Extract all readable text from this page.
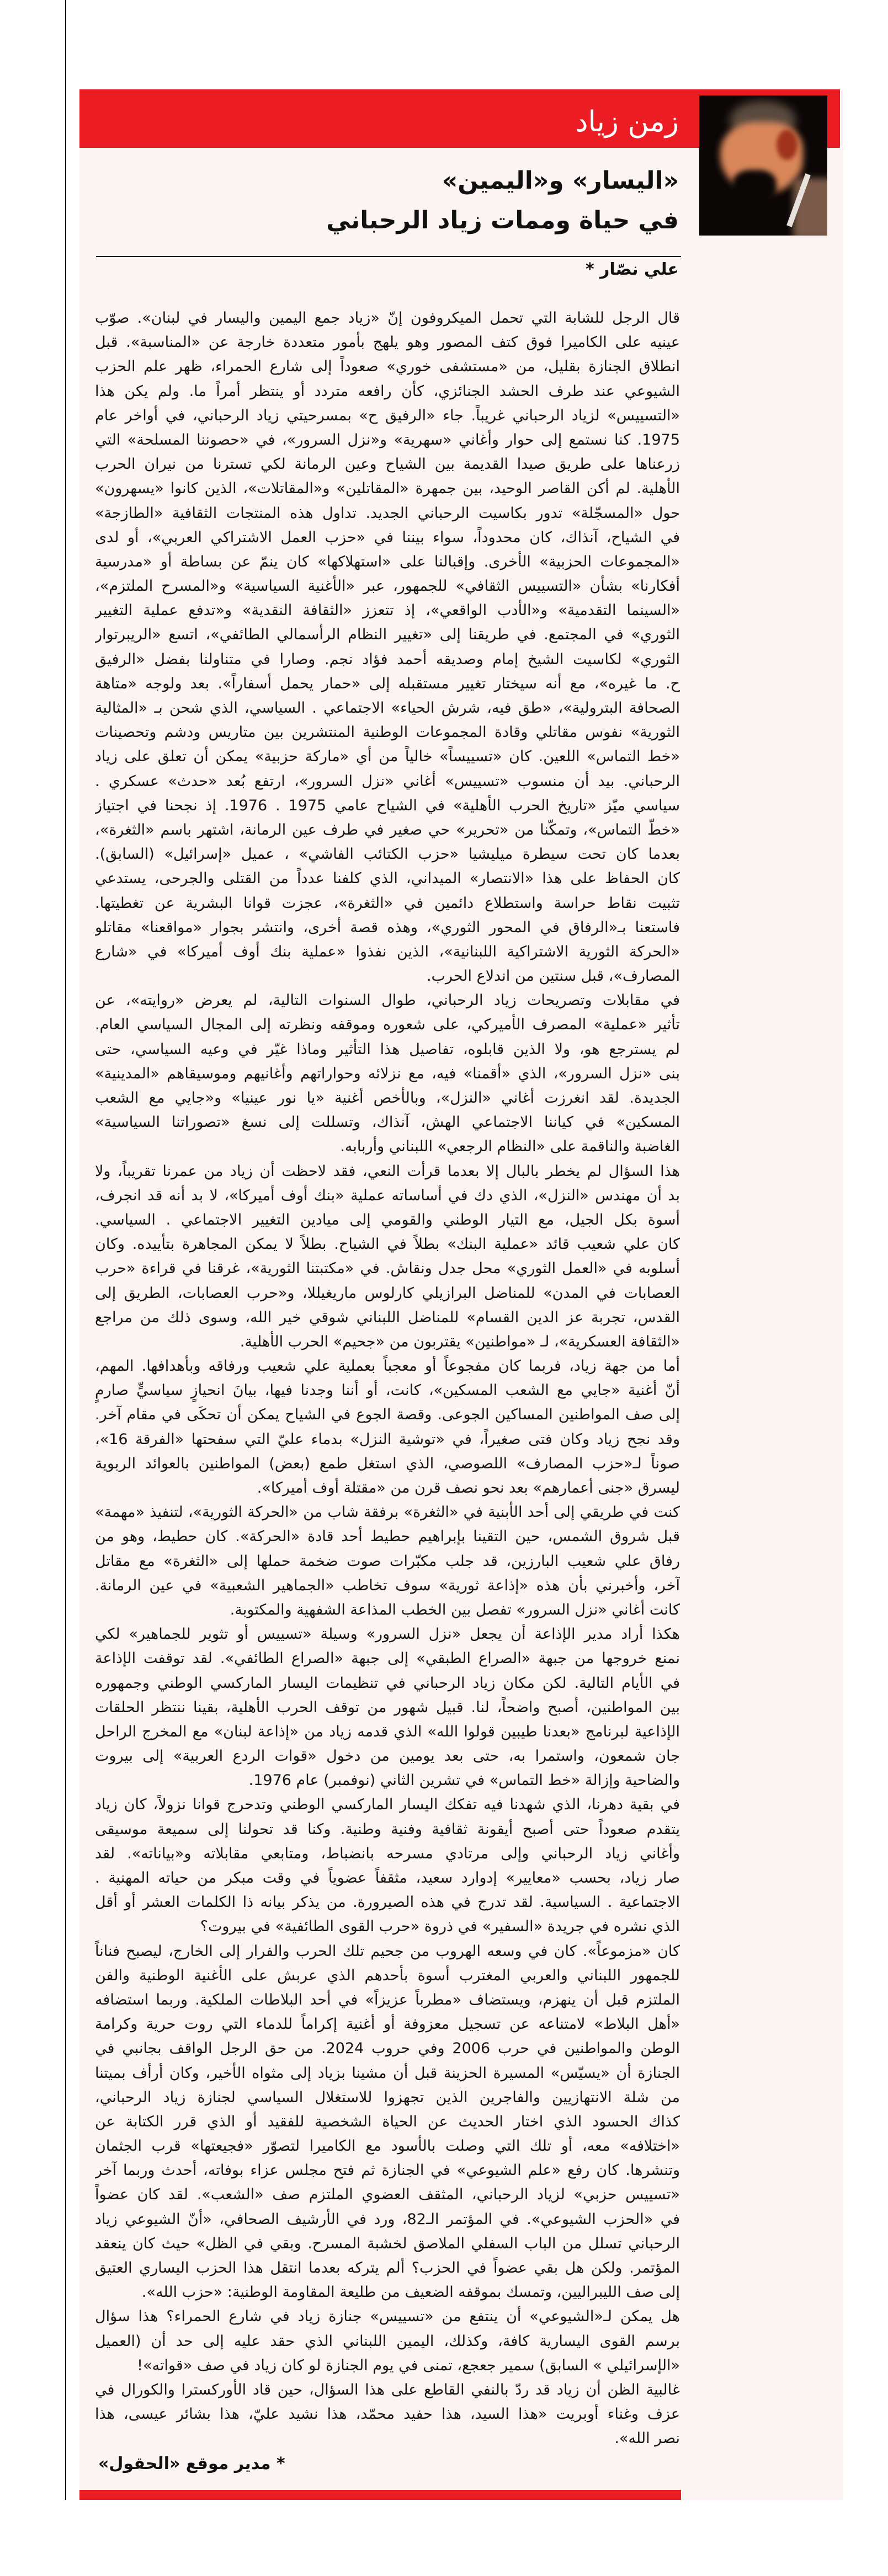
زمن زياد
«اليسار» و«اليمين»
في حياة وممات زياد الرحباني
علي نصّار *
قال الرجل للشابة التي تحمل الميكروفون إنّ «زياد جمع اليمين واليسار في لبنان». صوّب
عينيه على الكاميرا فوق كتف المصور وهو يلهج بأمور متعددة خارجة عن «المناسبة». قبل
انطلاق الجنازة بقليل، من «مستشفى خوري» صعوداً إلى شارع الحمراء، ظهر علم الحزب
الشيوعي عند طرف الحشد الجنائزي، كأن رافعه متردد أو ينتظر أمراً ما. ولم يكن هذا
«التسييس» لزياد الرحباني غريباً. جاء «الرفيق ح» بمسرحيتي زياد الرحباني، في أواخر عام
1975. كنا نستمع إلى حوار وأغاني «سهرية» و«نزل السرور»، في «حصوننا المسلحة» التي
زرعناها على طريق صيدا القديمة بين الشياح وعين الرمانة لكي تسترنا من نيران الحرب
الأهلية. لم أكن القاصر الوحيد، بين جمهرة «المقاتلين» و«المقاتلات»، الذين كانوا «يسهرون»
حول «المسجّلة» تدور بكاسيت الرحباني الجديد. تداول هذه المنتجات الثقافية «الطازجة»
في الشياح، آنذاك، كان محدوداً، سواء بيننا في «حزب العمل الاشتراكي العربي»، أو لدى
«المجموعات الحزبية» الأخرى. وإقبالنا على «استهلاكها» كان ينمّ عن بساطة أو «مدرسية
أفكارنا» بشأن «التسييس الثقافي» للجمهور، عبر «الأغنية السياسية» و«المسرح الملتزم»،
«السينما التقدمية» و«الأدب الواقعي»، إذ تتعزز «الثقافة النقدية» و«تدفع عملية التغيير
الثوري» في المجتمع. في طريقنا إلى «تغيير النظام الرأسمالي الطائفي»، اتسع «الريبرتوار
الثوري» لكاسيت الشيخ إمام وصديقه أحمد فؤاد نجم. وصارا في متناولنا بفضل «الرفيق
ح. ما غيره»، مع أنه سيختار تغيير مستقبله إلى «حمار يحمل أسفاراً». بعد ولوجه «متاهة
الصحافة البترولية»، «طق فيه، شرش الحياء» الاجتماعي . السياسي، الذي شحن بـ «المثالية
الثورية» نفوس مقاتلي وقادة المجموعات الوطنية المنتشرين بين متاريس ودشم وتحصينات
«خط التماس» اللعين. كان «تسييساً» خالياً من أي «ماركة حزبية» يمكن أن تعلق على زياد
الرحباني. بيد أن منسوب «تسييس» أغاني «نزل السرور»، ارتفع بُعد «حدث» عسكري .
سياسي ميّز «تاريخ الحرب الأهلية» في الشياح عامي 1975 . 1976. إذ نجحنا في اجتياز
«خطّ التماس»، وتمكّنا من «تحرير» حي صغير في طرف عين الرمانة، اشتهر باسم «الثغرة»،
بعدما كان تحت سيطرة ميليشيا «حزب الكتائب الفاشي» ، عميل «إسرائيل» (السابق).
كان الحفاظ على هذا «الانتصار» الميداني، الذي كلفنا عدداً من القتلى والجرحى، يستدعي
تثبيت نقاط حراسة واستطلاع دائمين في «الثغرة»، عجزت قوانا البشرية عن تغطيتها.
فاستعنا بـ«الرفاق في المحور الثوري»، وهذه قصة أخرى، وانتشر بجوار «مواقعنا» مقاتلو
«الحركة الثورية الاشتراكية اللبنانية»، الذين نفذوا «عملية بنك أوف أميركا» في «شارع
المصارف»، قبل سنتين من اندلاع الحرب.
في مقابلات وتصريحات زياد الرحباني، طوال السنوات التالية، لم يعرض «روايته»، عن
تأثير «عملية» المصرف الأميركي، على شعوره وموقفه ونظرته إلى المجال السياسي العام.
لم يسترجع هو، ولا الذين قابلوه، تفاصيل هذا التأثير وماذا غيّر في وعيه السياسي، حتى
بنى «نزل السرور»، الذي «أقمنا» فيه، مع نزلائه وحواراتهم وأغانيهم وموسيقاهم «المدينية»
الجديدة. لقد انغرزت أغاني «النزل»، وبالأخص أغنية «يا نور عينيا» و«جايي مع الشعب
المسكين» في كياننا الاجتماعي الهش، آنذاك، وتسللت إلى نسغ «تصوراتنا السياسية»
الغاضبة والناقمة على «النظام الرجعي» اللبناني وأربابه.
هذا السؤال لم يخطر بالبال إلا بعدما قرأت النعي، فقد لاحظت أن زياد من عمرنا تقريباً، ولا
بد أن مهندس «النزل»، الذي دك في أساساته عملية «بنك أوف أميركا»، لا بد أنه قد انجرف،
أسوة بكل الجيل، مع التيار الوطني والقومي إلى ميادين التغيير الاجتماعي . السياسي.
كان علي شعيب قائد «عملية البنك» بطلاً في الشياح. بطلاً لا يمكن المجاهرة بتأييده. وكان
أسلوبه في «العمل الثوري» محل جدل ونقاش. في «مكتبتنا الثورية»، غرقنا في قراءة «حرب
العصابات في المدن» للمناضل البرازيلي كارلوس ماريغيللا، و«حرب العصابات، الطريق إلى
القدس، تجربة عز الدين القسام» للمناضل اللبناني شوقي خير الله، وسوى ذلك من مراجع
«الثقافة العسكرية»، لـ «مواطنين» يقتربون من «جحيم» الحرب الأهلية.
أما من جهة زياد، فربما كان مفجوعاً أو معجباً بعملية علي شعيب ورفاقه وبأهدافها. المهم،
أنّ أغنية «جايي مع الشعب المسكين»، كانت، أو أننا وجدنا فيها، بيانَ انحيازٍ سياسيٍّ صارمٍ
إلى صف المواطنين المساكين الجوعى. وقصة الجوع في الشياح يمكن أن تحكَى في مقام آخر.
وقد نجح زياد وكان فتى صغيراً، في «توشية النزل» بدماء عليّ التي سفحتها «الفرقة 16»،
صوناً لـ«حزب المصارف» اللصوصي، الذي استغل طمع (بعض) المواطنين بالعوائد الربوية
ليسرق «جنى أعمارهم» بعد نحو نصف قرن من «مقتلة أوف أميركا».
كنت في طريقي إلى أحد الأبنية في «الثغرة» برفقة شاب من «الحركة الثورية»، لتنفيذ «مهمة»
قبل شروق الشمس، حين التقينا بإبراهيم حطيط أحد قادة «الحركة». كان حطيط، وهو من
رفاق علي شعيب البارزين، قد جلب مكبّرات صوت ضخمة حملها إلى «الثغرة» مع مقاتل
آخر، وأخبرني بأن هذه «إذاعة ثورية» سوف تخاطب «الجماهير الشعبية» في عين الرمانة.
كانت أغاني «نزل السرور» تفصل بين الخطب المذاعة الشفهية والمكتوبة.
هكذا أراد مدير الإذاعة أن يجعل «نزل السرور» وسيلة «تسييس أو تثوير للجماهير» لكي
نمنع خروجها من جبهة «الصراع الطبقي» إلى جبهة «الصراع الطائفي». لقد توقفت الإذاعة
في الأيام التالية. لكن مكان زياد الرحباني في تنظيمات اليسار الماركسي الوطني وجمهوره
بين المواطنين، أصبح واضحاً، لنا. قبيل شهور من توقف الحرب الأهلية، بقينا ننتظر الحلقات
الإذاعية لبرنامج «بعدنا طيبين قولوا الله» الذي قدمه زياد من «إذاعة لبنان» مع المخرج الراحل
جان شمعون، واستمرا به، حتى بعد يومين من دخول «قوات الردع العربية» إلى بيروت
والضاحية وإزالة «خط التماس» في تشرين الثاني (نوفمبر) عام 1976.
في بقية دهرنا، الذي شهدنا فيه تفكك اليسار الماركسي الوطني وتدحرج قوانا نزولاً، كان زياد
يتقدم صعوداً حتى أصبح أيقونة ثقافية وفنية وطنية. وكنا قد تحولنا إلى سميعة موسيقى
وأغاني زياد الرحباني وإلى مرتادي مسرحه بانضباط، ومتابعي مقابلاته و«بياناته». لقد
صار زياد، بحسب «معايير» إدوارد سعيد، مثقفاً عضوياً في وقت مبكر من حياته المهنية .
الاجتماعية . السياسية. لقد تدرج في هذه الصيرورة. من يذكر بيانه ذا الكلمات العشر أو أقل
الذي نشره في جريدة «السفير» في ذروة «حرب القوى الطائفية» في بيروت؟
كان «مزموعاً». كان في وسعه الهروب من جحيم تلك الحرب والفرار إلى الخارج، ليصبح فناناً
للجمهور اللبناني والعربي المغترب أسوة بأحدهم الذي عربش على الأغنية الوطنية والفن
الملتزم قبل أن ينهزم، ويستضاف «مطرباً عزيزاً» في أحد البلاطات الملكية. وربما استضافه
«أهل البلاط» لامتناعه عن تسجيل معزوفة أو أغنية إكراماً للدماء التي روت حرية وكرامة
الوطن والمواطنين في حرب 2006 وفي حروب 2024. من حق الرجل الواقف بجانبي في
الجنازة أن «يسيّس» المسيرة الحزينة قبل أن مشينا بزياد إلى مثواه الأخير، وكان أرأف بميتنا
من شلة الانتهازيين والفاجرين الذين تجهزوا للاستغلال السياسي لجنازة زياد الرحباني،
كذاك الحسود الذي اختار الحديث عن الحياة الشخصية للفقيد أو الذي قرر الكتابة عن
«اختلافه» معه، أو تلك التي وصلت بالأسود مع الكاميرا لتصوّر «فجيعتها» قرب الجثمان
وتنشرها. كان رفع «علم الشيوعي» في الجنازة ثم فتح مجلس عزاء بوفاته، أحدث وربما آخر
«تسييس حزبي» لزياد الرحباني، المثقف العضوي الملتزم صف «الشعب». لقد كان عضواً
في «الحزب الشيوعي». في المؤتمر الـ82، ورد في الأرشيف الصحافي، «أنّ الشيوعي زياد
الرحباني تسلل من الباب السفلي الملاصق لخشبة المسرح. وبقي في الظل» حيث كان ينعقد
المؤتمر. ولكن هل بقي عضواً في الحزب؟ ألم يتركه بعدما انتقل هذا الحزب اليساري العتيق
إلى صف الليبراليين، وتمسك بموقفه الضعيف من طليعة المقاومة الوطنية: «حزب الله».
هل يمكن لـ«الشيوعي» أن ينتفع من «تسييس» جنازة زياد في شارع الحمراء؟ هذا سؤال
برسم القوى اليسارية كافة، وكذلك، اليمين اللبناني الذي حقد عليه إلى حد أن (العميل
«الإسرائيلي » السابق) سمير جعجع، تمنى في يوم الجنازة لو كان زياد في صف «قواته»!
غالبية الظن أن زياد قد ردّ بالنفي القاطع على هذا السؤال، حين قاد الأوركسترا والكورال في
عزف وغناء أوبريت «هذا السيد، هذا حفيد محمّد، هذا نشيد عليّ، هذا بشائر عيسى، هذا
نصر الله».
* مدير موقع «الحقول»
